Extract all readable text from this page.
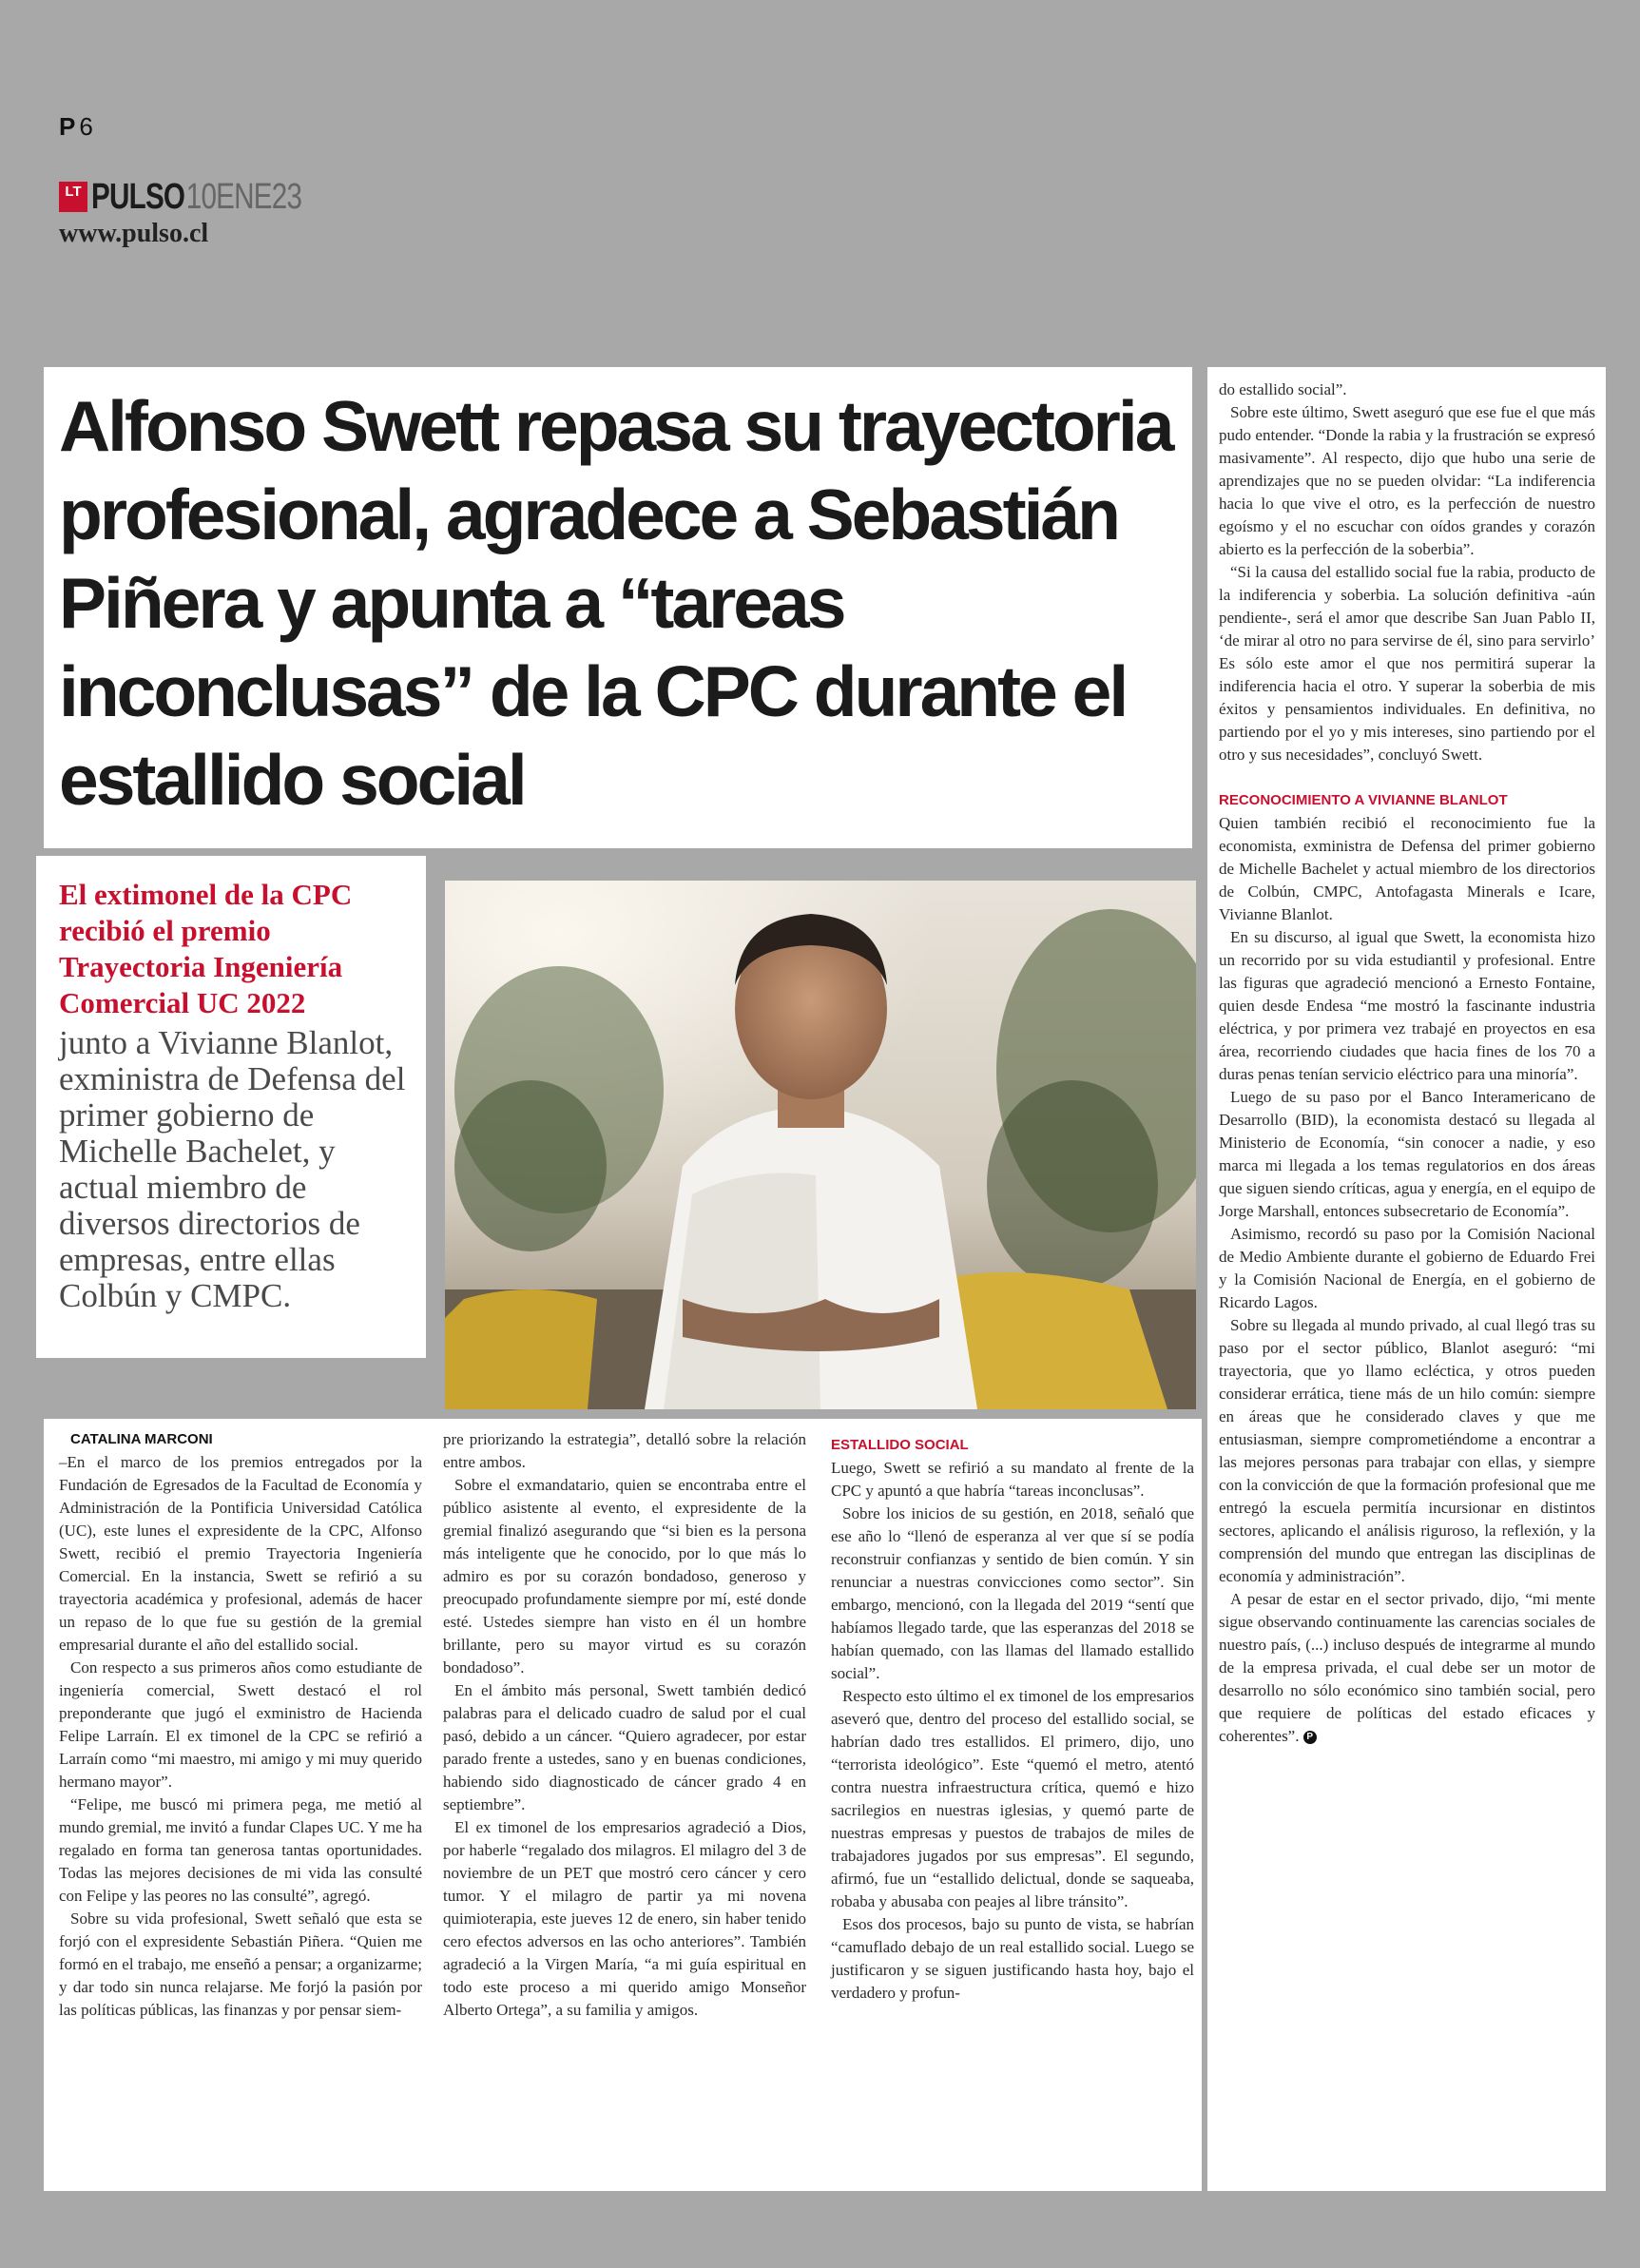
P 6
LT PULSO10ENE23
www.pulso.cl
Alfonso Swett repasa su trayectoria profesional, agradece a Sebastián Piñera y apunta a “tareas inconclusas” de la CPC durante el estallido social
El extimonel de la CPC recibió el premio Trayectoria Ingeniería Comercial UC 2022
junto a Vivianne Blanlot, exministra de Defensa del primer gobierno de Michelle Bachelet, y actual miembro de diversos directorios de empresas, entre ellas Colbún y CMPC.

CATALINA MARCONI

–En el marco de los premios entregados por la Fundación de Egresados de la Facultad de Economía y Administración de la Pontificia Universidad Católica (UC), este lunes el expresidente de la CPC, Alfonso Swett, recibió el premio Trayectoria Ingeniería Comercial. En la instancia, Swett se refirió a su trayectoria académica y profesional, además de hacer un repaso de lo que fue su gestión de la gremial empresarial durante el año del estallido social.

Con respecto a sus primeros años como estudiante de ingeniería comercial, Swett destacó el rol preponderante que jugó el exministro de Hacienda Felipe Larraín. El ex timonel de la CPC se refirió a Larraín como “mi maestro, mi amigo y mi muy querido hermano mayor”.

“Felipe, me buscó mi primera pega, me metió al mundo gremial, me invitó a fundar Clapes UC. Y me ha regalado en forma tan generosa tantas oportunidades. Todas las mejores decisiones de mi vida las consulté con Felipe y las peores no las consulté”, agregó.

Sobre su vida profesional, Swett señaló que esta se forjó con el expresidente Sebastián Piñera. “Quien me formó en el trabajo, me enseñó a pensar; a organizarme; y dar todo sin nunca relajarse. Me forjó la pasión por las políticas públicas, las finanzas y por pensar siem-

pre priorizando la estrategia”, detalló sobre la relación entre ambos.

Sobre el exmandatario, quien se encontraba entre el público asistente al evento, el expresidente de la gremial finalizó asegurando que “si bien es la persona más inteligente que he conocido, por lo que más lo admiro es por su corazón bondadoso, generoso y preocupado profundamente siempre por mí, esté donde esté. Ustedes siempre han visto en él un hombre brillante, pero su mayor virtud es su corazón bondadoso”.

En el ámbito más personal, Swett también dedicó palabras para el delicado cuadro de salud por el cual pasó, debido a un cáncer. “Quiero agradecer, por estar parado frente a ustedes, sano y en buenas condiciones, habiendo sido diagnosticado de cáncer grado 4 en septiembre”.

El ex timonel de los empresarios agradeció a Dios, por haberle “regalado dos milagros. El milagro del 3 de noviembre de un PET que mostró cero cáncer y cero tumor. Y el milagro de partir ya mi novena quimioterapia, este jueves 12 de enero, sin haber tenido cero efectos adversos en las ocho anteriores”. También agradeció a la Virgen María, “a mi guía espiritual en todo este proceso a mi querido amigo Monseñor Alberto Ortega”, a su familia y amigos.

ESTALLIDO SOCIAL

Luego, Swett se refirió a su mandato al frente de la CPC y apuntó a que habría “tareas inconclusas”.

Sobre los inicios de su gestión, en 2018, señaló que ese año lo “llenó de esperanza al ver que sí se podía reconstruir confianzas y sentido de bien común. Y sin renunciar a nuestras convicciones como sector”. Sin embargo, mencionó, con la llegada del 2019 “sentí que habíamos llegado tarde, que las esperanzas del 2018 se habían quemado, con las llamas del llamado estallido social”.

Respecto esto último el ex timonel de los empresarios aseveró que, dentro del proceso del estallido social, se habrían dado tres estallidos. El primero, dijo, uno “terrorista ideológico”. Este “quemó el metro, atentó contra nuestra infraestructura crítica, quemó e hizo sacrilegios en nuestras iglesias, y quemó parte de nuestras empresas y puestos de trabajos de miles de trabajadores jugados por sus empresas”. El segundo, afirmó, fue un “estallido delictual, donde se saqueaba, robaba y abusaba con peajes al libre tránsito”.

Esos dos procesos, bajo su punto de vista, se habrían “camuflado debajo de un real estallido social. Luego se justificaron y se siguen justificando hasta hoy, bajo el verdadero y profun-

do estallido social”.

Sobre este último, Swett aseguró que ese fue el que más pudo entender. “Donde la rabia y la frustración se expresó masivamente”. Al respecto, dijo que hubo una serie de aprendizajes que no se pueden olvidar: “La indiferencia hacia lo que vive el otro, es la perfección de nuestro egoísmo y el no escuchar con oídos grandes y corazón abierto es la perfección de la soberbia”.

“Si la causa del estallido social fue la rabia, producto de la indiferencia y soberbia. La solución definitiva -aún pendiente-, será el amor que describe San Juan Pablo II, ‘de mirar al otro no para servirse de él, sino para servirlo’ Es sólo este amor el que nos permitirá superar la indiferencia hacia el otro. Y superar la soberbia de mis éxitos y pensamientos individuales. En definitiva, no partiendo por el yo y mis intereses, sino partiendo por el otro y sus necesidades”, concluyó Swett.

RECONOCIMIENTO A VIVIANNE BLANLOT

Quien también recibió el reconocimiento fue la economista, exministra de Defensa del primer gobierno de Michelle Bachelet y actual miembro de los directorios de Colbún, CMPC, Antofagasta Minerals e Icare, Vivianne Blanlot.

En su discurso, al igual que Swett, la economista hizo un recorrido por su vida estudiantil y profesional. Entre las figuras que agradeció mencionó a Ernesto Fontaine, quien desde Endesa “me mostró la fascinante industria eléctrica, y por primera vez trabajé en proyectos en esa área, recorriendo ciudades que hacia fines de los 70 a duras penas tenían servicio eléctrico para una minoría”.

Luego de su paso por el Banco Interamericano de Desarrollo (BID), la economista destacó su llegada al Ministerio de Economía, “sin conocer a nadie, y eso marca mi llegada a los temas regulatorios en dos áreas que siguen siendo críticas, agua y energía, en el equipo de Jorge Marshall, entonces subsecretario de Economía”.

Asimismo, recordó su paso por la Comisión Nacional de Medio Ambiente durante el gobierno de Eduardo Frei y la Comisión Nacional de Energía, en el gobierno de Ricardo Lagos.

Sobre su llegada al mundo privado, al cual llegó tras su paso por el sector público, Blanlot aseguró: “mi trayectoria, que yo llamo ecléctica, y otros pueden considerar errática, tiene más de un hilo común: siempre en áreas que he considerado claves y que me entusiasman, siempre comprometiéndome a encontrar a las mejores personas para trabajar con ellas, y siempre con la convicción de que la formación profesional que me entregó la escuela permitía incursionar en distintos sectores, aplicando el análisis riguroso, la reflexión, y la comprensión del mundo que entregan las disciplinas de economía y administración”.

A pesar de estar en el sector privado, dijo, “mi mente sigue observando continuamente las carencias sociales de nuestro país, (...) incluso después de integrarme al mundo de la empresa privada, el cual debe ser un motor de desarrollo no sólo económico sino también social, pero que requiere de políticas del estado eficaces y coherentes”. P
